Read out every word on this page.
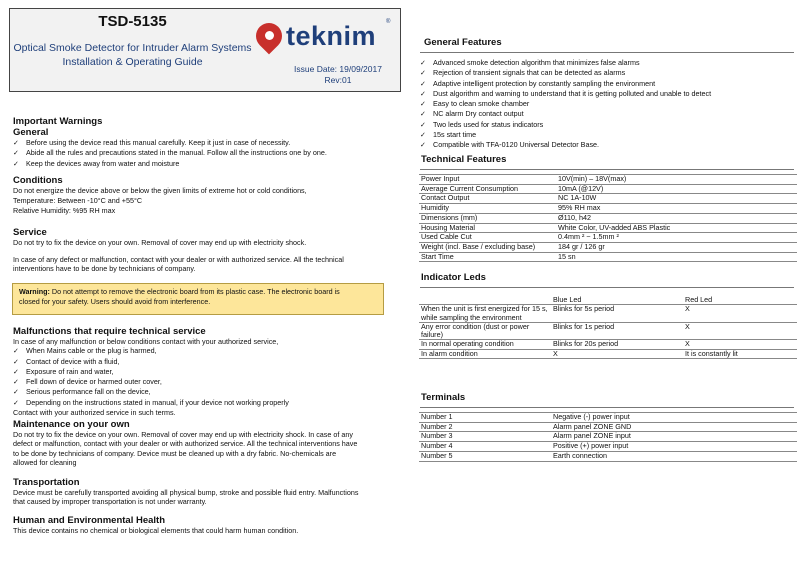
TSD-5135
Optical Smoke Detector for Intruder Alarm Systems
Installation & Operating Guide
teknim ®
Issue Date: 19/09/2017
Rev:01
Important Warnings
General
✓ Before using the device read this manual carefully. Keep it just in case of necessity.
✓ Abide all the rules and precautions stated in the manual. Follow all the instructions one by one.
✓ Keep the devices away from water and moisture
Conditions
Do not energize the device above or below the given limits of extreme hot or cold conditions,
Temperature: Between -10°C and +55°C
Relative Humidity: %95 RH max
Service
Do not try to fix the device on your own. Removal of cover may end up with electricity shock.
In case of any defect or malfunction, contact with your dealer or with authorized service. All the technical
interventions have to be done by technicians of company.
Warning: Do not attempt to remove the electronic board from its plastic case. The electronic board is
closed for your safety. Users should avoid from interference.
Malfunctions that require technical service
In case of any malfunction or below conditions contact with your authorized service,
✓ When Mains cable or the plug is harmed,
✓ Contact of device with a fluid,
✓ Exposure of rain and water,
✓ Fell down of device or harmed outer cover,
✓ Serious performance fall on the device,
✓ Depending on the instructions stated in manual, if your device not working properly
Contact with your authorized service in such terms.
Maintenance on your own
Do not try to fix the device on your own. Removal of cover may end up with electricity shock. In case of any
defect or malfunction, contact with your dealer or with authorized service. All the technical interventions have
to be done by technicians of company. Device must be cleaned up with a dry fabric. No-chemicals are
allowed for cleaning
Transportation
Device must be carefully transported avoiding all physical bump, stroke and possible fluid entry. Malfunctions
that caused by improper transportation is not under warranty.
Human and Environmental Health
This device contains no chemical or biological elements that could harm human condition.
General Features
✓ Advanced smoke detection algorithm that minimizes false alarms
✓ Rejection of transient signals that can be detected as alarms
✓ Adaptive intelligent protection by constantly sampling the environment
✓ Dust algorithm and warning to understand that it is getting polluted and unable to detect
✓ Easy to clean smoke chamber
✓ NC alarm Dry contact output
✓ Two leds used for status indicators
✓ 15s start time
✓ Compatible with TFA-0120 Universal Detector Base.
Technical Features
Power Input	10V(min) – 18V(max)
Average Current Consumption	10mA (@12V)
Contact Output	NC 1A-10W
Humidity	95% RH max
Dimensions (mm)	Ø110, h42
Housing Material	White Color, UV-added ABS Plastic
Used Cable Cut	0.4mm ² ~ 1.5mm ²
Weight (incl. Base / excluding base)	184 gr / 126 gr
Start Time	15 sn
Indicator Leds
	Blue Led	Red Led
When the unit is first energized for 15 s, while sampling the environment	Blinks for 5s period	X
Any error condition (dust or power failure)	Blinks for 1s period	X
In normal operating condition	Blinks for 20s period	X
In alarm condition	X	It is constantly lit
Terminals
Number 1	Negative (-) power input
Number 2	Alarm panel ZONE GND
Number 3	Alarm panel ZONE input
Number 4	Positive (+) power input
Number 5	Earth connection
